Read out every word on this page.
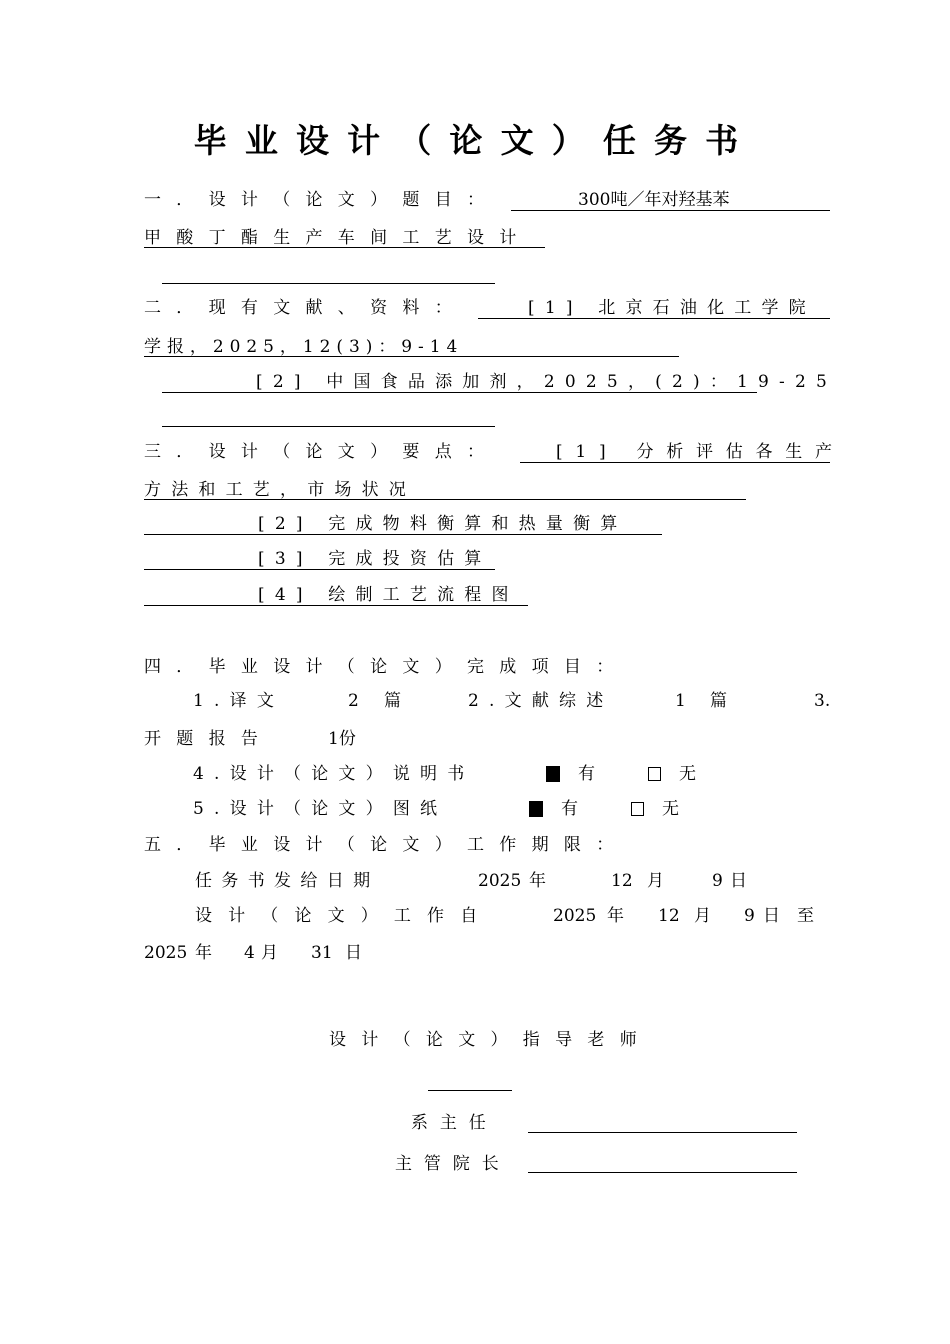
毕业设计（论文）任务书
一．设计（论文）题目：	300吨／年对羟基苯
甲酸丁酯生产车间工艺设计
二．现有文献、资料：	[1] 北京石油化工学院
学报，2025，12(3)：9-14
[2] 中国食品添加剂，2025，(2)：19-25
三．设计（论文）要点：	[1] 分析评估各生产
方法和工艺，市场状况
[2] 完成物料衡算和热量衡算
[3] 完成投资估算
[4] 绘制工艺流程图
四．毕业设计（论文）完成项目：
1.译文	2 篇	2.文献综述	1 篇	3.
开题报告	1份
4.设计（论文）说明书	有	无
5.设计（论文）图纸	有	无
五．毕业设计（论文）工作期限：
任务书发给日期	2025 年	12 月	9 日
设计（论文）工作自	2025 年 12 月 9 日 至
2025 年 4 月 31 日
设计（论文）指导老师
系主任
主管院长
